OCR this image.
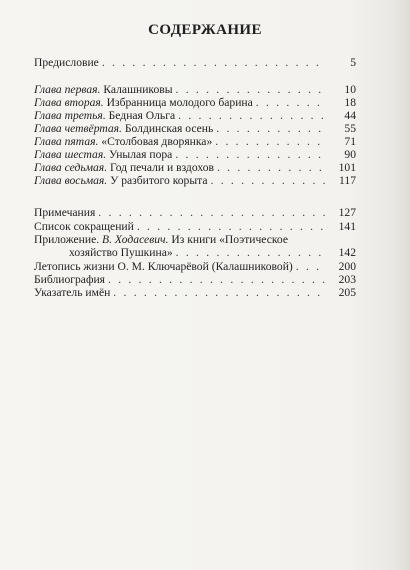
СОДЕРЖАНИЕ
Предисловие . . .	5
Глава первая. Калашниковы . . .	10
Глава вторая. Избранница молодого барина . . .	18
Глава третья. Бедная Ольга . . .	44
Глава четвёртая. Болдинская осень . . .	55
Глава пятая. «Столбовая дворянка» . . .	71
Глава шестая. Унылая пора . . .	90
Глава седьмая. Год печали и вздохов . . .	101
Глава восьмая. У разбитого корыта . . .	117
Примечания . . .	127
Список сокращений . . .	141
Приложение. В. Ходасевич. Из книги «Поэтическое
хозяйство Пушкина» . . .	142
Летопись жизни О. М. Ключарёвой (Калашниковой) . . .	200
Библиография . . .	203
Указатель имён . . .	205
